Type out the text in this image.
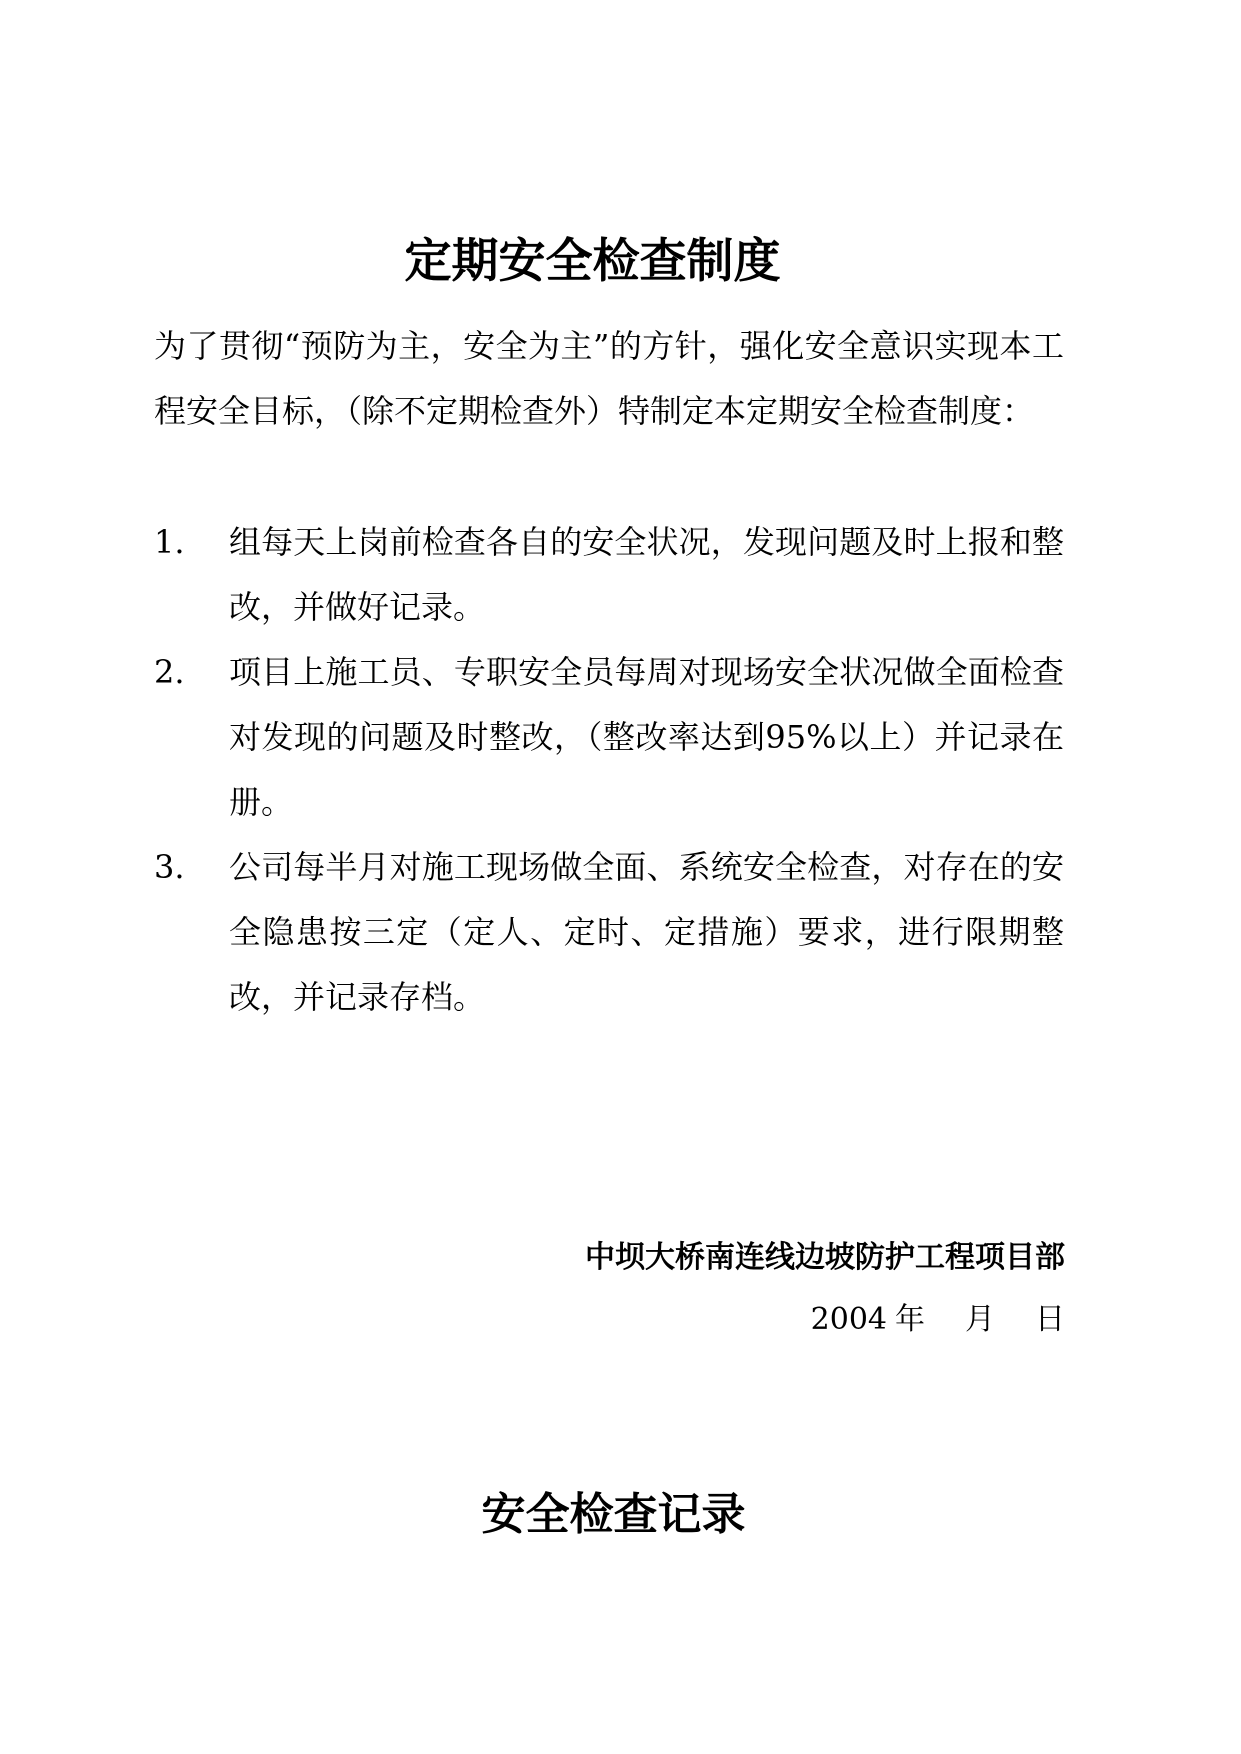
定期安全检查制度

为了贯彻“预防为主，安全为主”的方针，强化安全意识实现本工程安全目标，（除不定期检查外）特制定本定期安全检查制度：

1.	组每天上岗前检查各自的安全状况，发现问题及时上报和整改，并做好记录。
2.	项目上施工员、专职安全员每周对现场安全状况做全面检查对发现的问题及时整改，（整改率达到95%以上）并记录在册。
3.	公司每半月对施工现场做全面、系统安全检查，对存在的安全隐患按三定（定人、定时、定措施）要求，进行限期整改，并记录存档。

中坝大桥南连线边坡防护工程项目部

2004 年 月 日

安全检查记录
